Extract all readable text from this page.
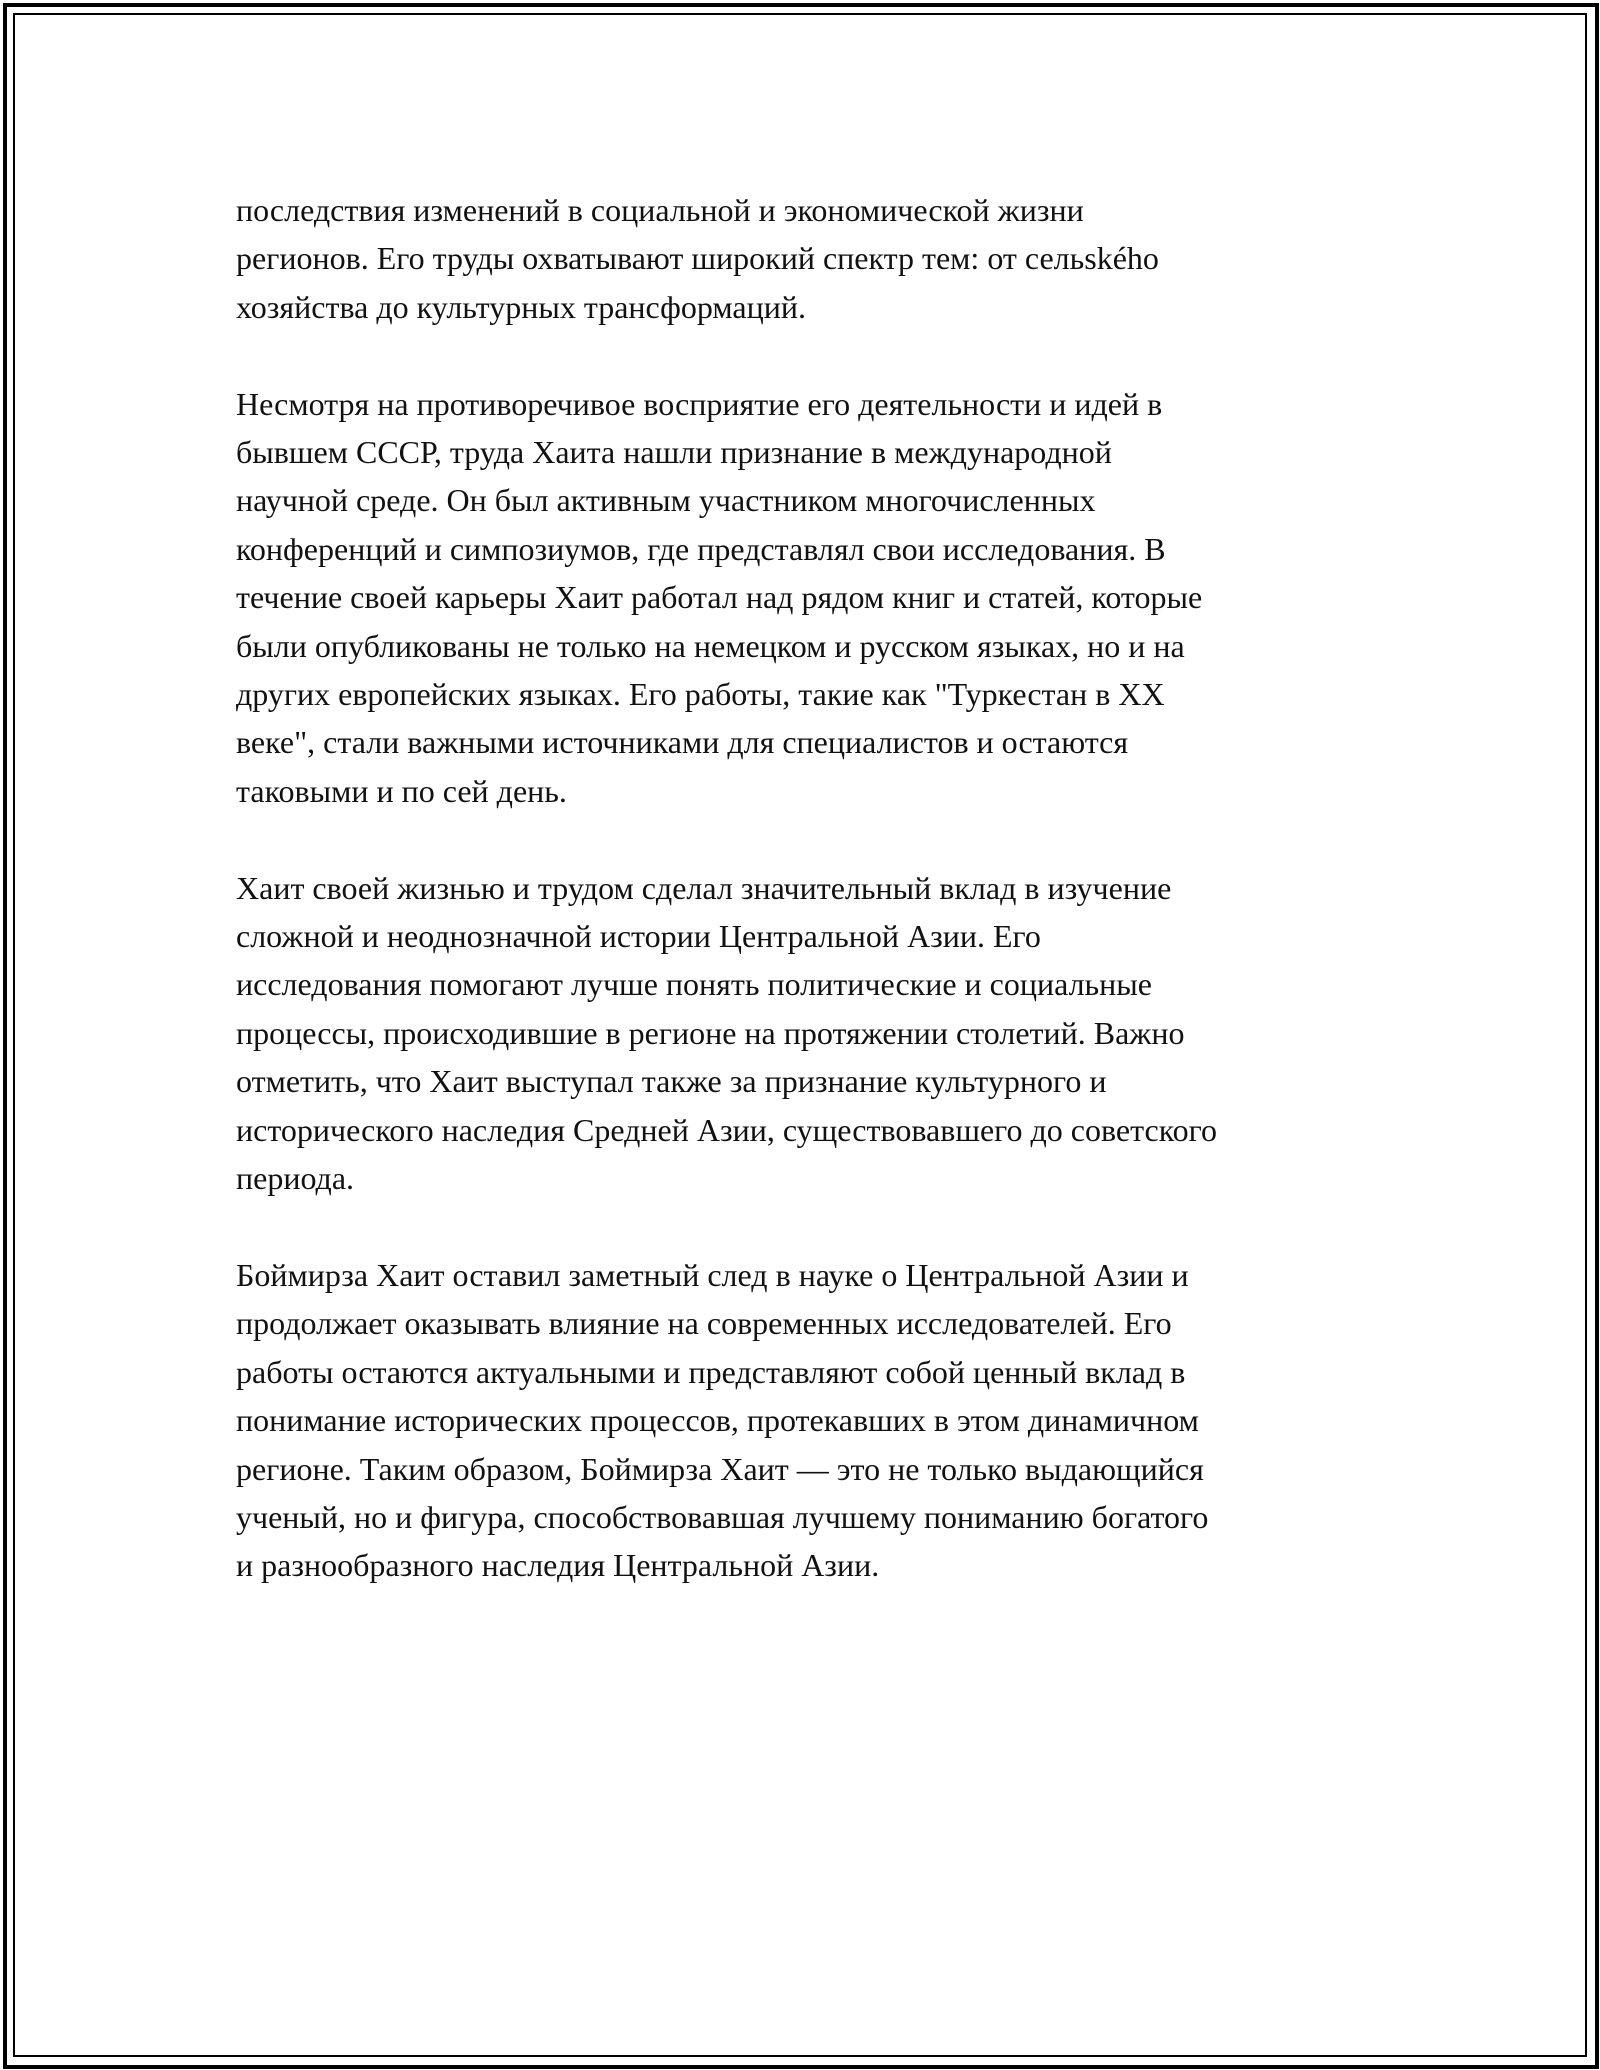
последствия изменений в социальной и экономической жизни
регионов. Его труды охватывают широкий спектр тем: от сельského
хозяйства до культурных трансформаций.

Несмотря на противоречивое восприятие его деятельности и идей в
бывшем СССР, труда Хаита нашли признание в международной
научной среде. Он был активным участником многочисленных
конференций и симпозиумов, где представлял свои исследования. В
течение своей карьеры Хаит работал над рядом книг и статей, которые
были опубликованы не только на немецком и русском языках, но и на
других европейских языках. Его работы, такие как "Туркестан в XX
веке", стали важными источниками для специалистов и остаются
таковыми и по сей день.

Хаит своей жизнью и трудом сделал значительный вклад в изучение
сложной и неоднозначной истории Центральной Азии. Его
исследования помогают лучше понять политические и социальные
процессы, происходившие в регионе на протяжении столетий. Важно
отметить, что Хаит выступал также за признание культурного и
исторического наследия Средней Азии, существовавшего до советского
периода.

Боймирза Хаит оставил заметный след в науке о Центральной Азии и
продолжает оказывать влияние на современных исследователей. Его
работы остаются актуальными и представляют собой ценный вклад в
понимание исторических процессов, протекавших в этом динамичном
регионе. Таким образом, Боймирза Хаит — это не только выдающийся
ученый, но и фигура, способствовавшая лучшему пониманию богатого
и разнообразного наследия Центральной Азии.
